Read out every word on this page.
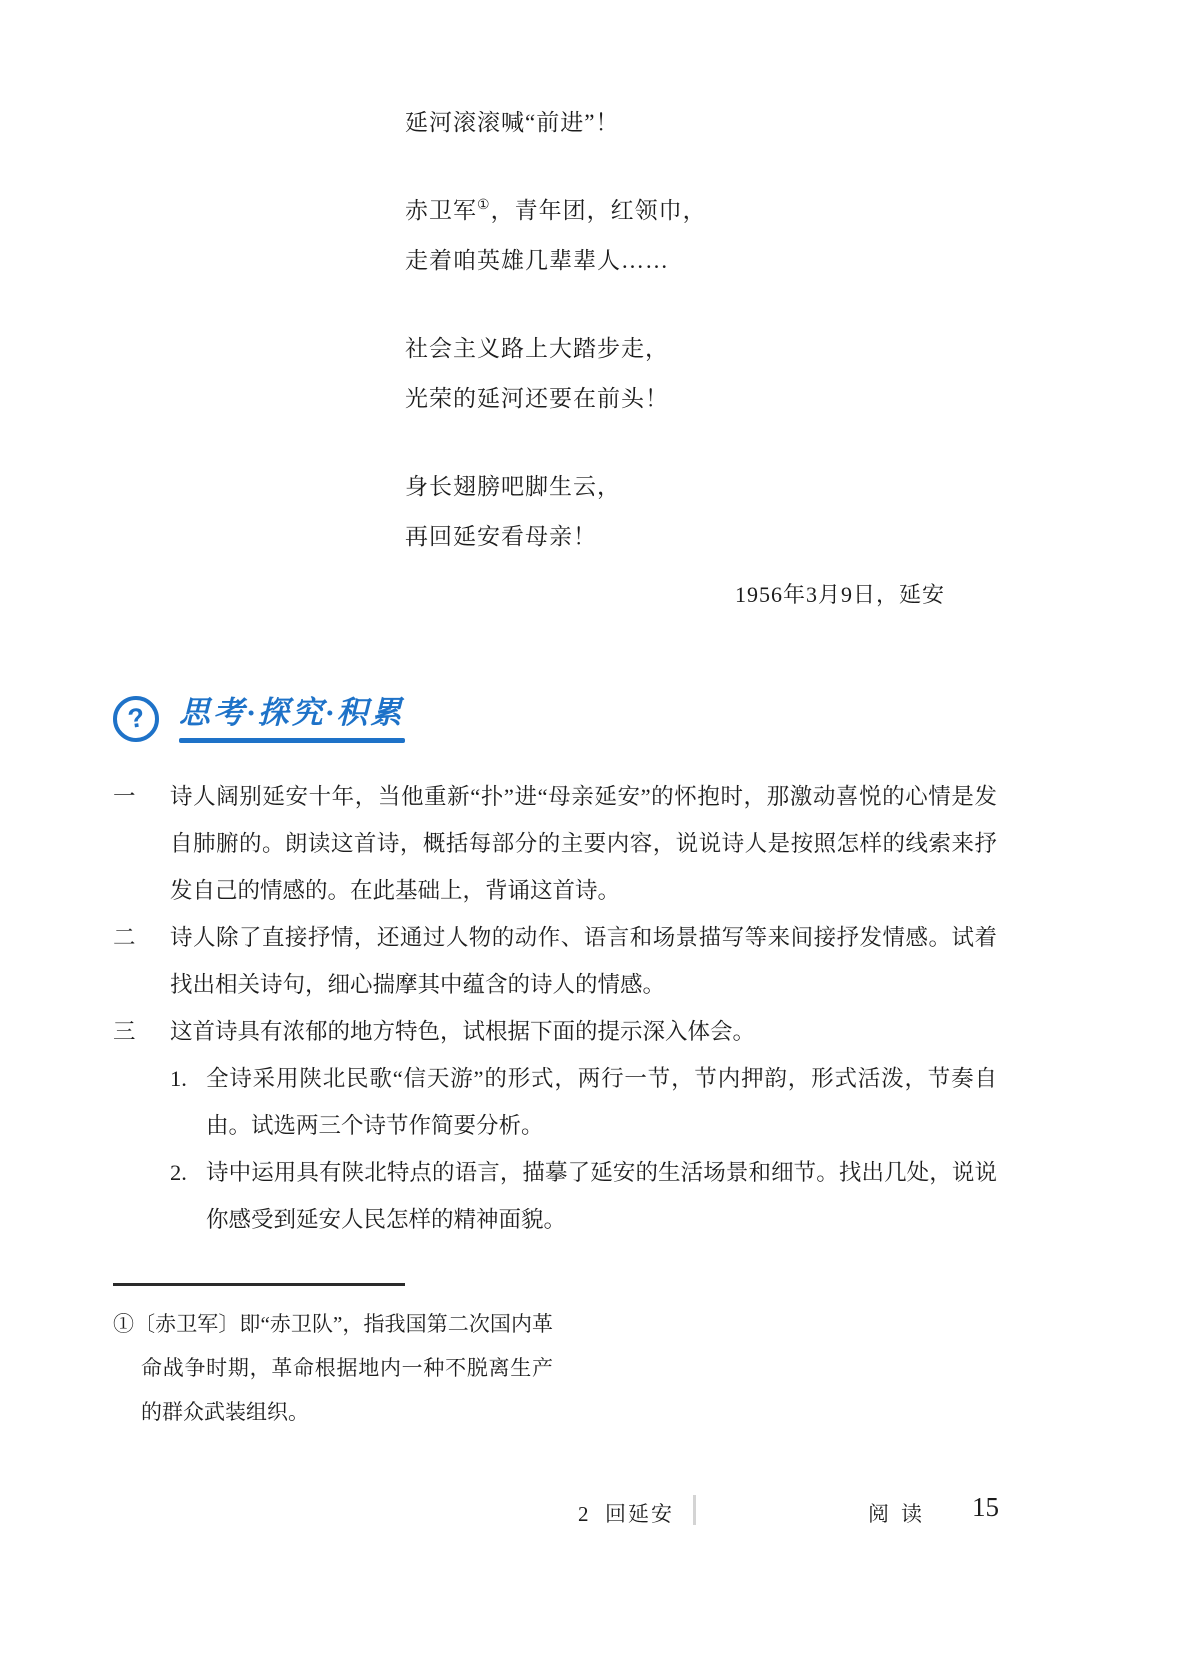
延河滚滚喊“前进”！

赤卫军①，青年团，红领巾，

走着咱英雄几辈辈人……

社会主义路上大踏步走，

光荣的延河还要在前头！

身长翅膀吧脚生云，

再回延安看母亲！

1956年3月9日，延安

? 思考·探究·积累
一	诗人阔别延安十年，当他重新“扑”进“母亲延安”的怀抱时，那激动喜悦的心情是发自肺腑的。朗读这首诗，概括每部分的主要内容，说说诗人是按照怎样的线索来抒发自己的情感的。在此基础上，背诵这首诗。

二	诗人除了直接抒情，还通过人物的动作、语言和场景描写等来间接抒发情感。试着找出相关诗句，细心揣摩其中蕴含的诗人的情感。

三	这首诗具有浓郁的地方特色，试根据下面的提示深入体会。

1. 全诗采用陕北民歌“信天游”的形式，两行一节，节内押韵，形式活泼，节奏自由。试选两三个诗节作简要分析。

2. 诗中运用具有陕北特点的语言，描摹了延安的生活场景和细节。找出几处，说说你感受到延安人民怎样的精神面貌。

①〔赤卫军〕即“赤卫队”，指我国第二次国内革命战争时期，革命根据地内一种不脱离生产的群众武装组织。

2 回延安	阅读 15
